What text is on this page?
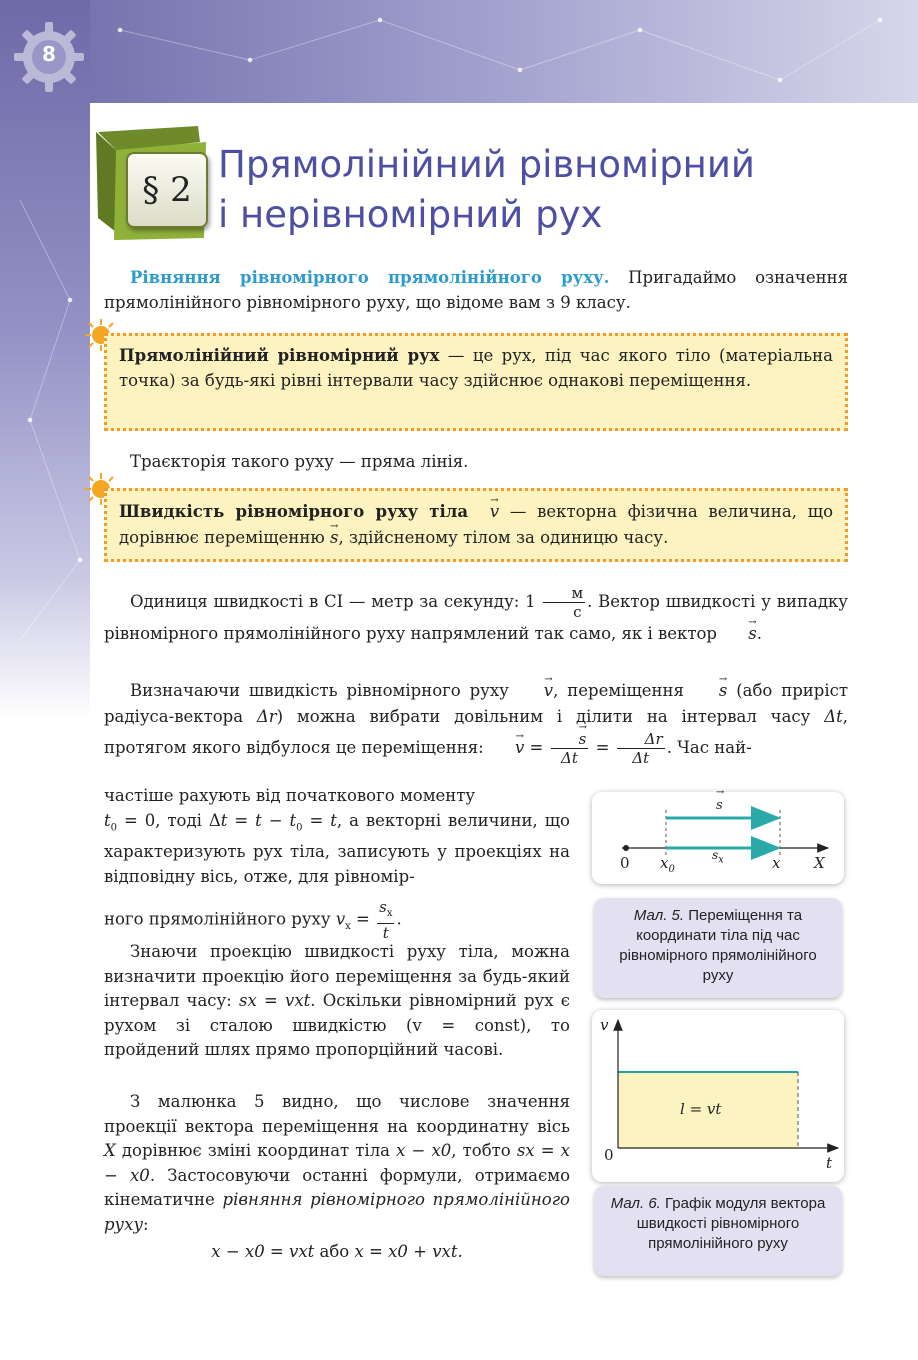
8
§ 2
Прямолінійний рівномірний
і нерівномірний рух
Рівняння рівномірного прямолінійного руху. Пригадаймо означення прямолінійного рівномірного руху, що відоме вам з 9 класу.
Прямолінійний рівномірний рух — це рух, під час якого тіло (матеріальна точка) за будь-які рівні інтервали часу здійснює однакові переміщення.
Траєкторія такого руху — пряма лінія.
Швидкість рівномірного руху тіла → v — векторна фізична величина, що дорівнює переміщенню → s, здійсненому тілом за одиницю часу.
Одиниця швидкості в СІ — метр за секунду: $1 \frac{м}{с}$ . Вектор швидкості у випадку рівномірного прямолінійного руху напрямлений так само, як і вектор → s.
Визначаючи швидкість рівномірного руху → v, переміщення → s (або приріст радіуса-вектора Δr) можна вибрати довільним і ділити на інтервал часу Δt, протягом якого відбулося це переміщення: → v = → $\frac{s}{\Delta t} = \frac{\Delta r}{\Delta t}$ . Час най-
частіше рахують від початкового моменту
$t_0 = 0$, тоді $\Delta t = t - t_0 = t$, а векторні величини, що характеризують рух тіла, записують у проекціях на відповідну вісь, отже, для рівномір-
ного прямолінійного руху $v_x = \frac{s_x}{t}$ .
Знаючи проекцію швидкості руху тіла, можна визначити проекцію його переміщення за будь-який інтервал часу: sx = vxt. Оскільки рівномірний рух є рухом зі сталою швидкістю (v = const), то пройдений шлях прямо пропорційний часові.
З малюнка 5 видно, що числове значення проекції вектора переміщення на координатну вісь X дорівнює зміні координат тіла x − x0, тобто sx = x − x0. Застосовуючи останні формули, отримаємо кінематичне рівняння рівномірного прямолінійного руху:
x − x0 = vxt або x = x0 + vxt.
→ s
$s_x$
0 $x_0$	x X
Мал. 5. Переміщення та координати тіла під час рівномірного прямолінійного руху
v
t
0
l = vt
Мал. 6. Графік модуля вектора швидкості рівномірного прямолінійного руху
